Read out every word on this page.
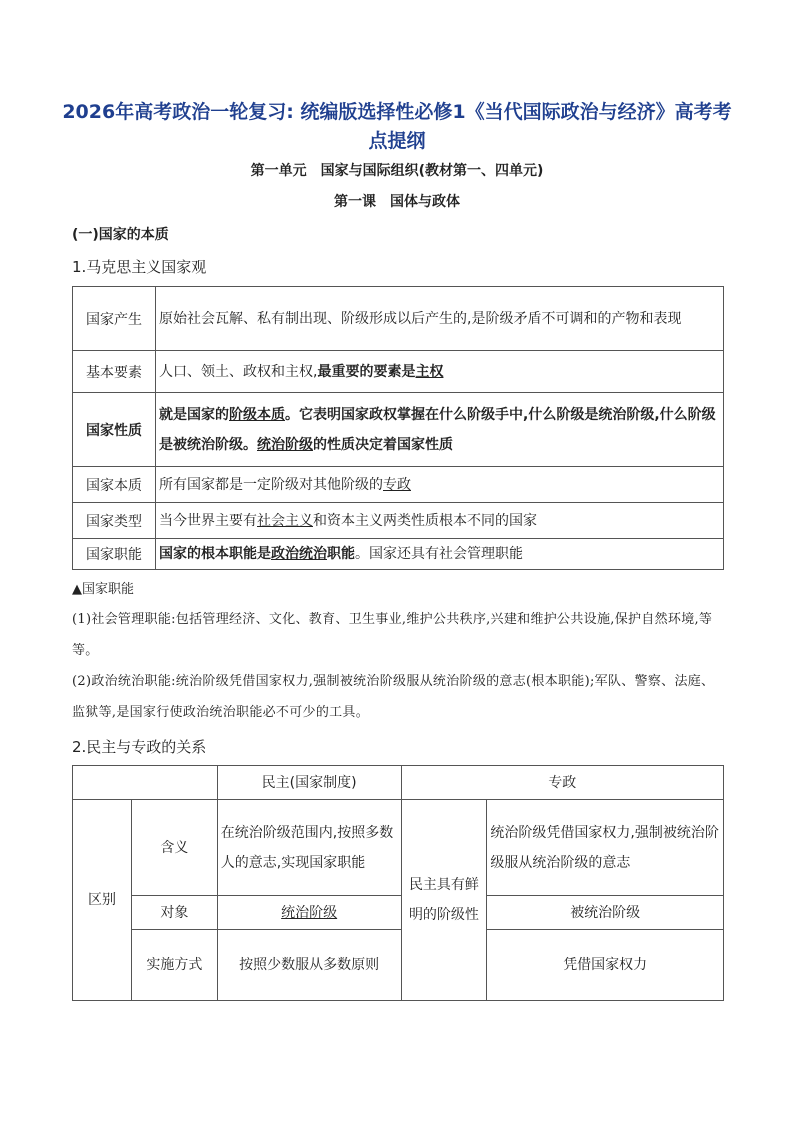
2026年高考政治一轮复习: 统编版选择性必修1《当代国际政治与经济》高考考点提纲

第一单元　国家与国际组织(教材第一、四单元)

第一课　国体与政体

(一)国家的本质

1.马克思主义国家观

国家产生	原始社会瓦解、私有制出现、阶级形成以后产生的,是阶级矛盾不可调和的产物和表现
基本要素	人口、领土、政权和主权,最重要的要素是主权
国家性质	就是国家的阶级本质。它表明国家政权掌握在什么阶级手中,什么阶级是统治阶级,什么阶级是被统治阶级。统治阶级的性质决定着国家性质
国家本质	所有国家都是一定阶级对其他阶级的专政
国家类型	当今世界主要有社会主义和资本主义两类性质根本不同的国家
国家职能	国家的根本职能是政治统治职能。国家还具有社会管理职能

▲国家职能

(1)社会管理职能:包括管理经济、文化、教育、卫生事业,维护公共秩序,兴建和维护公共设施,保护自然环境,等等。

(2)政治统治职能:统治阶级凭借国家权力,强制被统治阶级服从统治阶级的意志(根本职能);军队、警察、法庭、监狱等,是国家行使政治统治职能必不可少的工具。

2.民主与专政的关系

		民主(国家制度)	专政	
区别	含义	在统治阶级范围内,按照多数人的意志,实现国家职能	民主具有鲜明的阶级性	统治阶级凭借国家权力,强制被统治阶级服从统治阶级的意志
	对象	统治阶级		被统治阶级
	实施方式	按照少数服从多数原则		凭借国家权力
